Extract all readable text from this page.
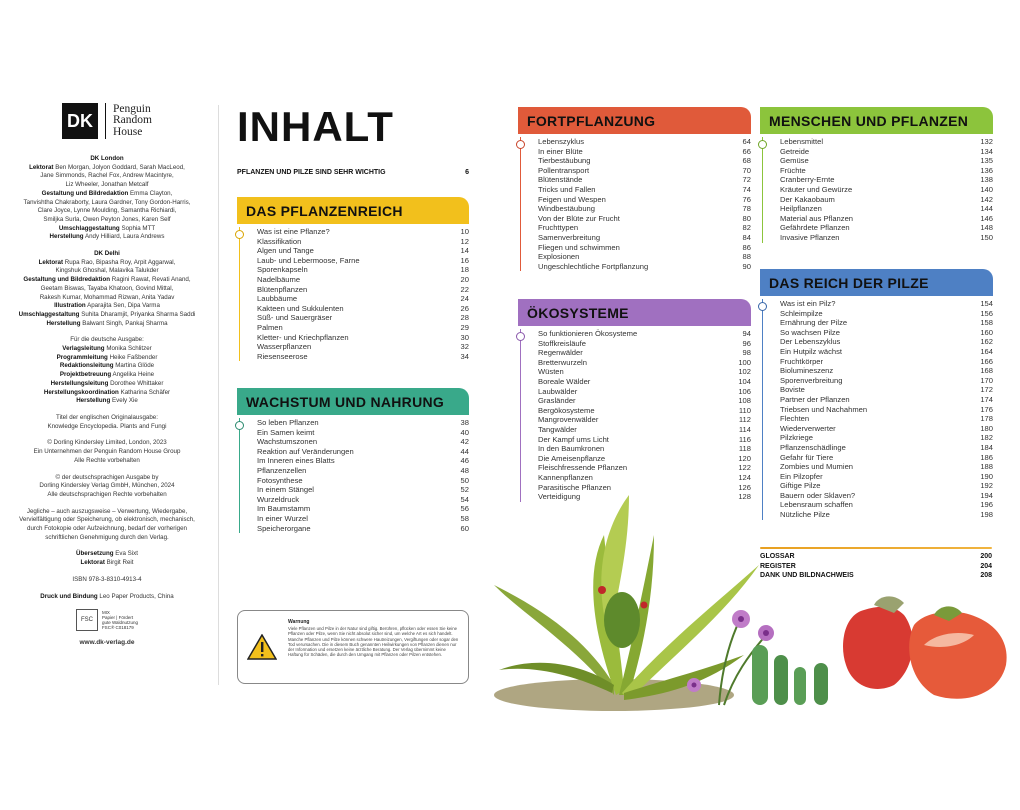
DK
Penguin
Random
House
DK London
Lektorat Ben Morgan, Jolyon Goddard, Sarah MacLeod,
Jane Simmonds, Rachel Fox, Andrew Macintyre,
Liz Wheeler, Jonathan Metcalf
Gestaltung und Bildredaktion Emma Clayton,
Tanvishtha Chakraborty, Laura Gardner, Tony Gordon-Harris,
Clare Joyce, Lynne Moulding, Samantha Richiardi,
Smiljka Surla, Owen Peyton Jones, Karen Self
Umschlaggestaltung Sophia MTT
Herstellung Andy Hilliard, Laura Andrews
DK Delhi
Lektorat Rupa Rao, Bipasha Roy, Arpit Aggarwal,
Kingshuk Ghoshal, Malavika Talukder
Gestaltung und Bildredaktion Ragini Rawat, Revati Anand,
Geetam Biswas, Tayaba Khatoon, Govind Mittal,
Rakesh Kumar, Mohammad Rizwan, Anita Yadav
Illustration Aparajita Sen, Dipa Varma
Umschlaggestaltung Suhita Dharamjit, Priyanka Sharma Saddi
Herstellung Balwant Singh, Pankaj Sharma
Für die deutsche Ausgabe:
Verlagsleitung Monika Schlitzer
Programmleitung Heike Faßbender
Redaktionsleitung Martina Glöde
Projektbetreuung Angelika Heine
Herstellungsleitung Dorothee Whittaker
Herstellungskoordination Katharina Schäfer
Herstellung Evely Xie
Titel der englischen Originalausgabe:
Knowledge Encyclopedia. Plants and Fungi
© Dorling Kindersley Limited, London, 2023
Ein Unternehmen der Penguin Random House Group
Alle Rechte vorbehalten
© der deutschsprachigen Ausgabe by
Dorling Kindersley Verlag GmbH, München, 2024
Alle deutschsprachigen Rechte vorbehalten
Jegliche – auch auszugsweise – Verwertung, Wiedergabe,
Vervielfältigung oder Speicherung, ob elektronisch, mechanisch,
durch Fotokopie oder Aufzeichnung, bedarf der vorherigen
schriftlichen Genehmigung durch den Verlag.
Übersetzung Eva Sixt
Lektorat Birgit Reit
ISBN 978-3-8310-4913-4
Druck und Bindung Leo Paper Products, China
FSC
MIX
Papier | Fördert
gute Waldnutzung
FSC® C018179
www.dk-verlag.de
INHALT
PFLANZEN UND PILZE SIND SEHR WICHTIG	6
DAS PFLANZENREICH
Was ist eine Pflanze?	10
Klassifikation	12
Algen und Tange	14
Laub- und Lebermoose, Farne	16
Sporenkapseln	18
Nadelbäume	20
Blütenpflanzen	22
Laubbäume	24
Kakteen und Sukkulenten	26
Süß- und Sauergräser	28
Palmen	29
Kletter- und Kriechpflanzen	30
Wasserpflanzen	32
Riesenseerose	34
WACHSTUM UND NAHRUNG
So leben Pflanzen	38
Ein Samen keimt	40
Wachstumszonen	42
Reaktion auf Veränderungen	44
Im Inneren eines Blatts	46
Pflanzenzellen	48
Fotosynthese	50
In einem Stängel	52
Wurzeldruck	54
Im Baumstamm	56
In einer Wurzel	58
Speicherorgane	60
FORTPFLANZUNG
Lebenszyklus	64
In einer Blüte	66
Tierbestäubung	68
Pollentransport	70
Blütenstände	72
Tricks und Fallen	74
Feigen und Wespen	76
Windbestäubung	78
Von der Blüte zur Frucht	80
Fruchttypen	82
Samenverbreitung	84
Fliegen und schwimmen	86
Explosionen	88
Ungeschlechtliche Fortpflanzung	90
ÖKOSYSTEME
So funktionieren Ökosysteme	94
Stoffkreisläufe	96
Regenwälder	98
Bretterwurzeln	100
Wüsten	102
Boreale Wälder	104
Laubwälder	106
Grasländer	108
Bergökosysteme	110
Mangrovenwälder	112
Tangwälder	114
Der Kampf ums Licht	116
In den Baumkronen	118
Die Ameisenpflanze	120
Fleischfressende Pflanzen	122
Kannenpflanzen	124
Parasitische Pflanzen	126
Verteidigung	128
MENSCHEN UND PFLANZEN
Lebensmittel	132
Getreide	134
Gemüse	135
Früchte	136
Cranberry-Ernte	138
Kräuter und Gewürze	140
Der Kakaobaum	142
Heilpflanzen	144
Material aus Pflanzen	146
Gefährdete Pflanzen	148
Invasive Pflanzen	150
DAS REICH DER PILZE
Was ist ein Pilz?	154
Schleimpilze	156
Ernährung der Pilze	158
So wachsen Pilze	160
Der Lebenszyklus	162
Ein Hutpilz wächst	164
Fruchtkörper	166
Biolumineszenz	168
Sporenverbreitung	170
Boviste	172
Partner der Pflanzen	174
Triebsen und Nachahmen	176
Flechten	178
Wiederverwerter	180
Pilzkriege	182
Pflanzenschädlinge	184
Gefahr für Tiere	186
Zombies und Mumien	188
Ein Pilzopfer	190
Giftige Pilze	192
Bauern oder Sklaven?	194
Lebensraum schaffen	196
Nützliche Pilze	198
Warnung
Viele Pflanzen und Pilze in der Natur sind giftig. Berühren, pflücken oder essen Sie keine Pflanzen oder Pilze, wenn Sie nicht absolut sicher sind, um welche Art es sich handelt. Manche Pflanzen und Pilze können schwere Hautreizungen, Vergiftungen oder sogar den Tod verursachen. Die in diesem Buch genannten Heilwirkungen von Pflanzen dienen nur der Information und ersetzen keine ärztliche Beratung. Der Verlag übernimmt keine Haftung für Schäden, die durch den Umgang mit Pflanzen oder Pilzen entstehen.
GLOSSAR	200
REGISTER	204
DANK UND BILDNACHWEIS	208
